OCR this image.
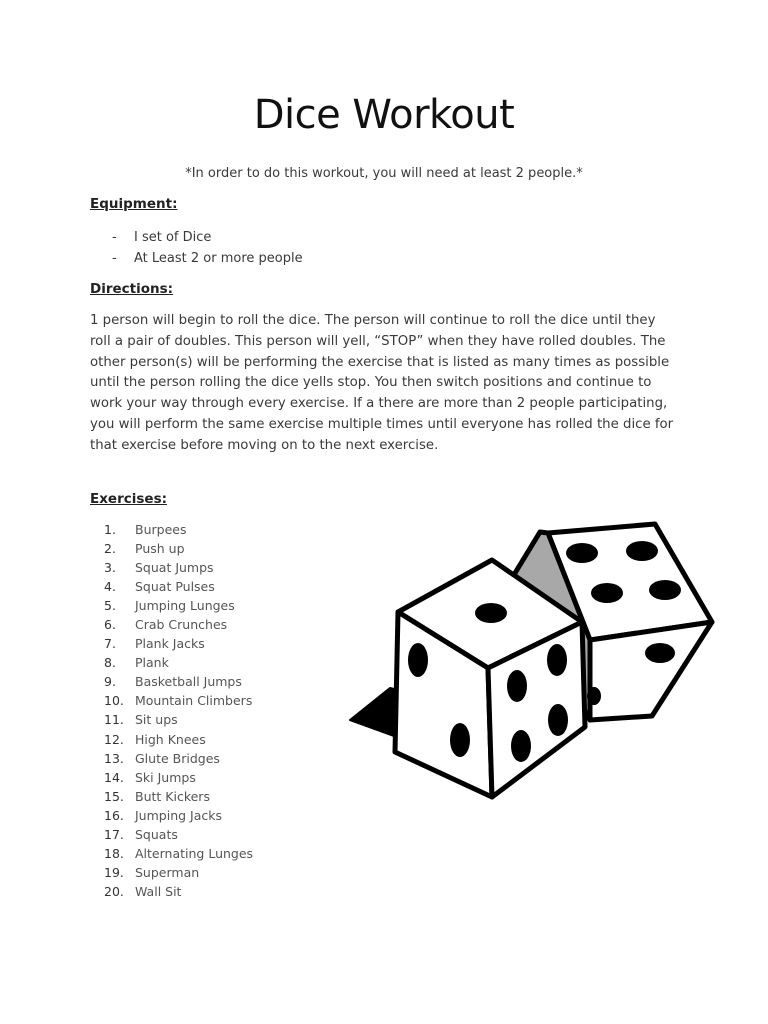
Dice Workout
*In order to do this workout, you will need at least 2 people.*
Equipment:
- I set of Dice
- At Least 2 or more people
Directions:
1 person will begin to roll the dice. The person will continue to roll the dice until they roll a pair of doubles. This person will yell, “STOP” when they have rolled doubles. The other person(s) will be performing the exercise that is listed as many times as possible until the person rolling the dice yells stop. You then switch positions and continue to work your way through every exercise. If a there are more than 2 people participating, you will perform the same exercise multiple times until everyone has rolled the dice for that exercise before moving on to the next exercise.
Exercises:
1. Burpees
2. Push up
3. Squat Jumps
4. Squat Pulses
5. Jumping Lunges
6. Crab Crunches
7. Plank Jacks
8. Plank
9. Basketball Jumps
10. Mountain Climbers
11. Sit ups
12. High Knees
13. Glute Bridges
14. Ski Jumps
15. Butt Kickers
16. Jumping Jacks
17. Squats
18. Alternating Lunges
19. Superman
20. Wall Sit
